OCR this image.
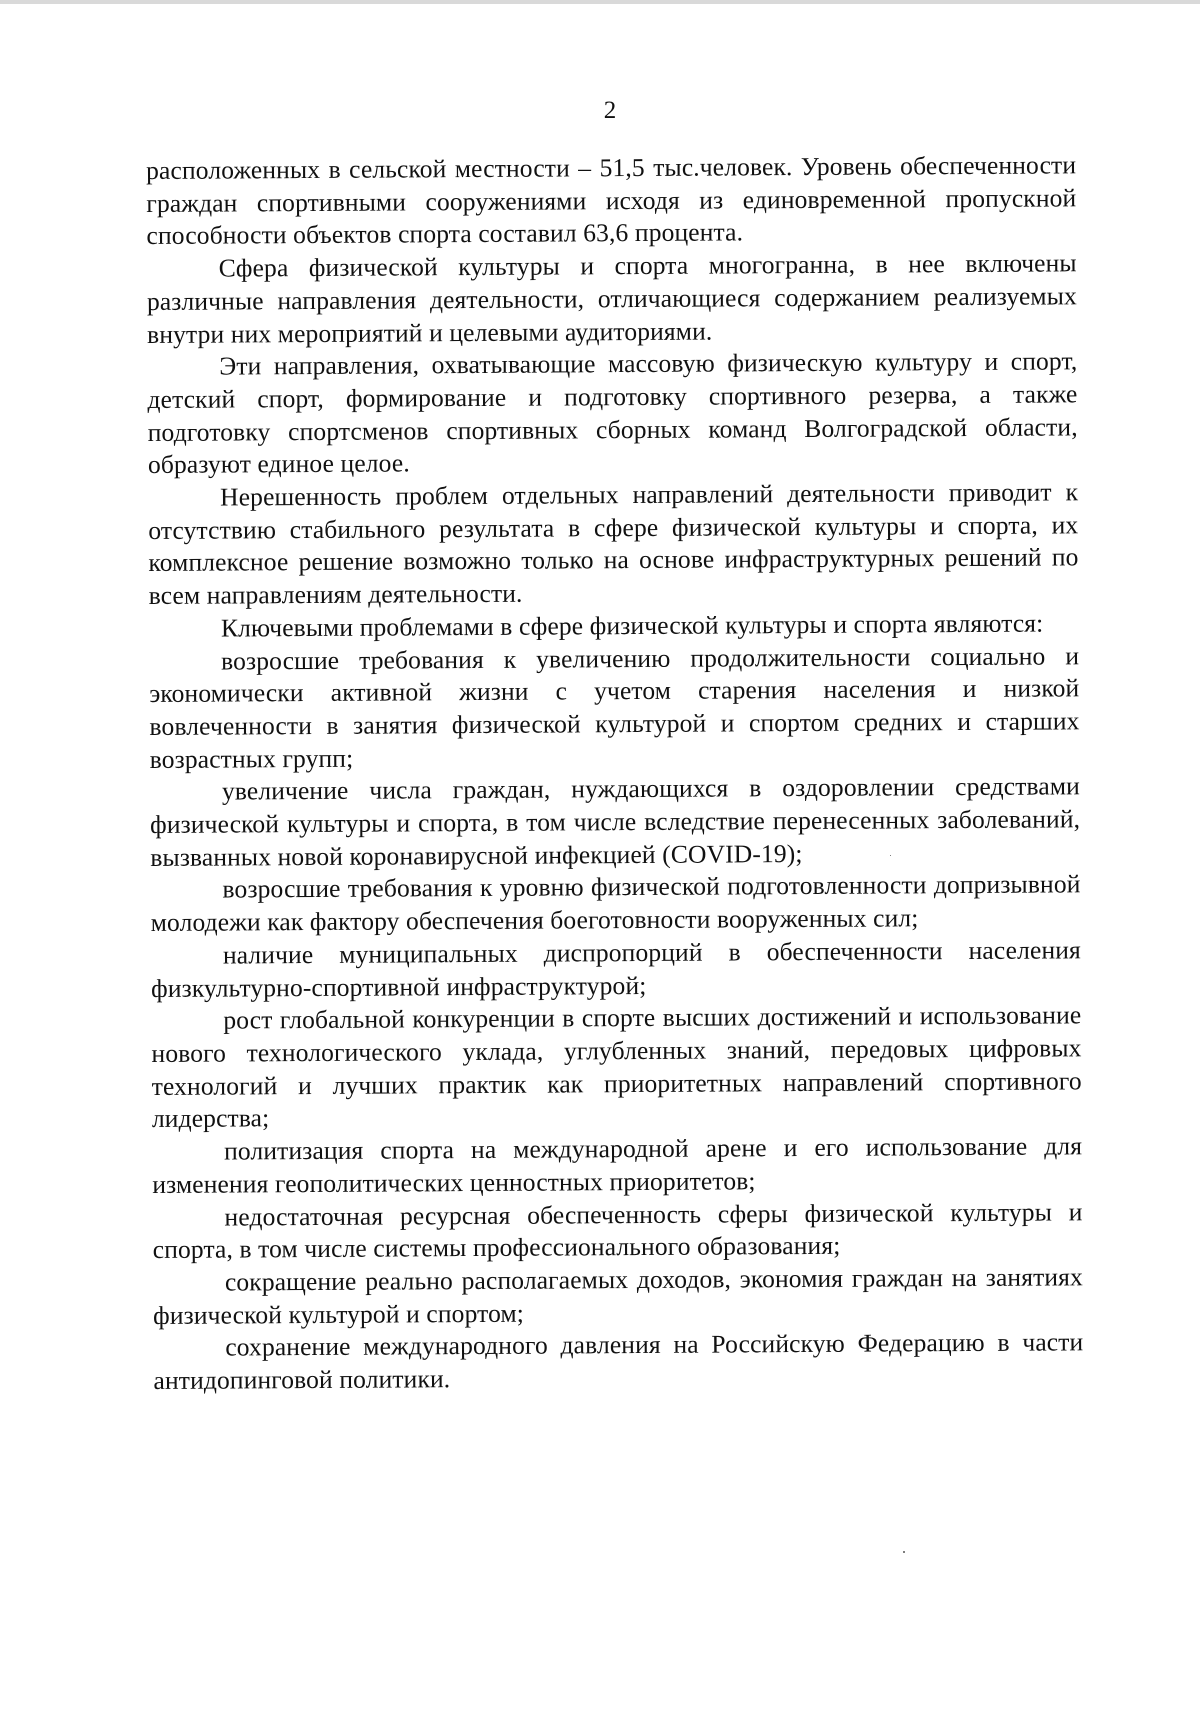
2

расположенных в сельской местности – 51,5 тыс.человек. Уровень обеспеченности граждан спортивными сооружениями исходя из единовременной пропускной способности объектов спорта составил 63,6 процента.

Сфера физической культуры и спорта многогранна, в нее включены различные направления деятельности, отличающиеся содержанием реализуемых внутри них мероприятий и целевыми аудиториями.

Эти направления, охватывающие массовую физическую культуру и спорт, детский спорт, формирование и подготовку спортивного резерва, а также подготовку спортсменов спортивных сборных команд Волгоградской области, образуют единое целое.

Нерешенность проблем отдельных направлений деятельности приводит к отсутствию стабильного результата в сфере физической культуры и спорта, их комплексное решение возможно только на основе инфраструктурных решений по всем направлениям деятельности.

Ключевыми проблемами в сфере физической культуры и спорта являются:

возросшие требования к увеличению продолжительности социально и экономически активной жизни с учетом старения населения и низкой вовлеченности в занятия физической культурой и спортом средних и старших возрастных групп;

увеличение числа граждан, нуждающихся в оздоровлении средствами физической культуры и спорта, в том числе вследствие перенесенных заболеваний, вызванных новой коронавирусной инфекцией (COVID-19);

возросшие требования к уровню физической подготовленности допризывной молодежи как фактору обеспечения боеготовности вооруженных сил;

наличие муниципальных диспропорций в обеспеченности населения физкультурно-спортивной инфраструктурой;

рост глобальной конкуренции в спорте высших достижений и использование нового технологического уклада, углубленных знаний, передовых цифровых технологий и лучших практик как приоритетных направлений спортивного лидерства;

политизация спорта на международной арене и его использование для изменения геополитических ценностных приоритетов;

недостаточная ресурсная обеспеченность сферы физической культуры и спорта, в том числе системы профессионального образования;

сокращение реально располагаемых доходов, экономия граждан на занятиях физической культурой и спортом;

сохранение международного давления на Российскую Федерацию в части антидопинговой политики.
